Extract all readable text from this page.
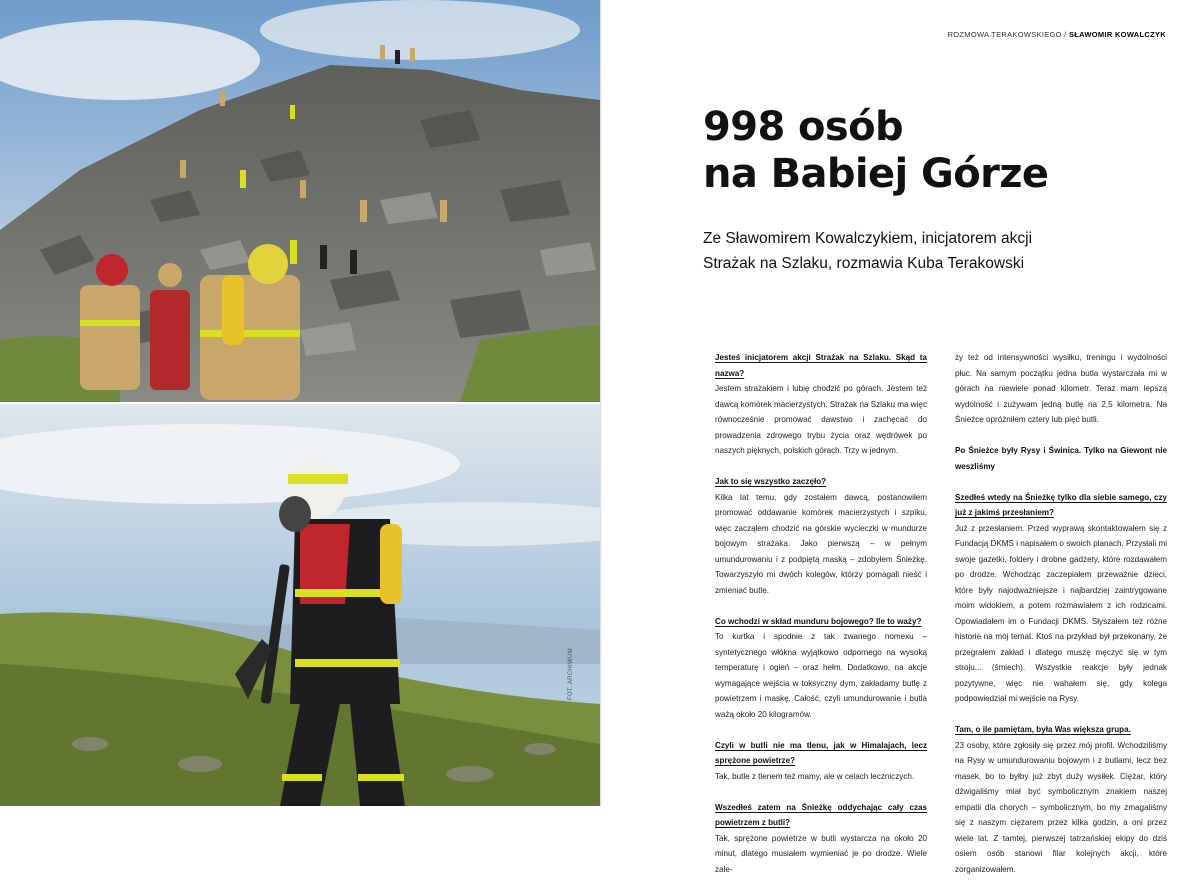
FOT. ARCHIWUM
ROZMOWA TERAKOWSKIEGO / SŁAWOMIR KOWALCZYK
998 osób
na Babiej Górze

Ze Sławomirem Kowalczykiem, inicjatorem akcji
Strażak na Szlaku, rozmawia Kuba Terakowski

Jesteś inicjatorem akcji Strażak na Szlaku. Skąd ta nazwa?
Jestem strażakiem i lubię chodzić po górach. Jestem też dawcą komórek macierzystych. Strażak na Szlaku ma więc równocześnie promować dawstwo i zachęcać do prowadzenia zdrowego trybu życia oraz wędrówek po naszych pięknych, polskich górach. Trzy w jednym.
Jak to się wszystko zaczęło?
Kilka lat temu, gdy zostałem dawcą, postanowiłem promować oddawanie komórek macierzystych i szpiku, więc zacząłem chodzić na górskie wycieczki w mundurze bojowym strażaka. Jako pierwszą – w pełnym umundurowaniu i z podpiętą maską – zdobyłem Śnieżkę. Towarzyszyło mi dwóch kolegów, którzy pomagali nieść i zmieniać butle.
Co wchodzi w skład munduru bojowego? Ile to waży?
To kurtka i spodnie z tak zwanego nomexu – syntetycznego włókna wyjątkowo odpornego na wysoką temperaturę i ogień – oraz hełm. Dodatkowo, na akcje wymagające wejścia w toksyczny dym, zakładamy butlę z powietrzem i maskę. Całość, czyli umundurowanie i butla ważą około 20 kilogramów.
Czyli w butli nie ma tlenu, jak w Himalajach, lecz sprężone powietrze?
Tak, butle z tlenem też mamy, ale w celach leczniczych.
Wszedłeś zatem na Śnieżkę oddychając cały czas powietrzem z butli?
Tak, sprężone powietrze w butli wystarcza na około 20 minut, dlatego musiałem wymieniać je po drodze. Wiele zale-
ży też od intensywności wysiłku, treningu i wydolności płuc. Na samym początku jedna butla wystarczała mi w górach na niewiele ponad kilometr. Teraz mam lepszą wydolność i zużywam jedną butlę na 2,5 kilometra. Na Śnieżce opróżniłem cztery lub pięć butli.
Po Śnieżce były Rysy i Świnica. Tylko na Giewont nie weszliśmy
Szedłeś wtedy na Śnieżkę tylko dla siebie samego, czy już z jakimś przesłaniem?
Już z przesłaniem. Przed wyprawą skontaktowałem się z Fundacją DKMS i napisałem o swoich planach. Przysłali mi swoje gazetki, foldery i drobne gadżety, które rozdawałem po drodze. Wchodząc zaczepiałem przeważnie dzieci, które były najodważniejsze i najbardziej zaintrygowane moim widokiem, a potem rozmawiałem z ich rodzicami. Opowiadałem im o Fundacji DKMS. Słyszałem też różne historie na mój temat. Ktoś na przykład był przekonany, że przegrałem zakład i dlatego muszę męczyć się w tym stroju... (śmiech). Wszystkie reakcje były jednak pozytywne, więc nie wahałem się, gdy kolega podpowiedział mi wejście na Rysy.
Tam, o ile pamiętam, była Was większa grupa.
23 osoby, które zgłosiły się przez mój profil. Wchodziliśmy na Rysy w umundurowaniu bojowym i z butlami, lecz bez masek, bo to byłby już zbyt duży wysiłek. Ciężar, który dźwigaliśmy miał być symbolicznym znakiem naszej empatii dla chorych – symbolicznym, bo my zmagaliśmy się z naszym ciężarem przez kilka godzin, a oni przez wiele lat. Z tamtej, pierwszej tatrzańskiej ekipy do dziś osiem osób stanowi filar kolejnych akcji, które zorganizowałem.
